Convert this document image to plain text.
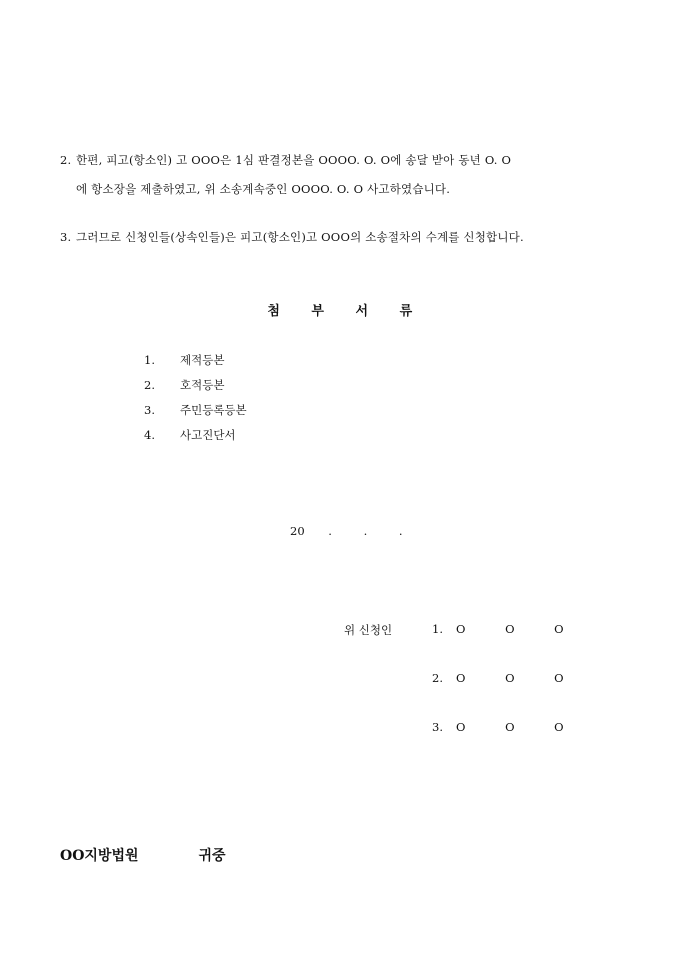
2. 한편, 피고(항소인) 고 OOO은 1심 판결정본을 OOOO. O. O에 송달 받아 동년 O. O
에 항소장을 제출하였고, 위 소송계속중인 OOOO. O. O 사고하였습니다.
3. 그러므로 신청인들(상속인들)은 피고(항소인)고 OOO의 소송절차의 수계를 신청합니다.
첨 부 서 류
1. 제적등본
2. 호적등본
3. 주민등록등본
4. 사고진단서
20 .	.	.
위 신청인	1. O O O
2. O O O
3. O O O
OO지방법원	귀중
